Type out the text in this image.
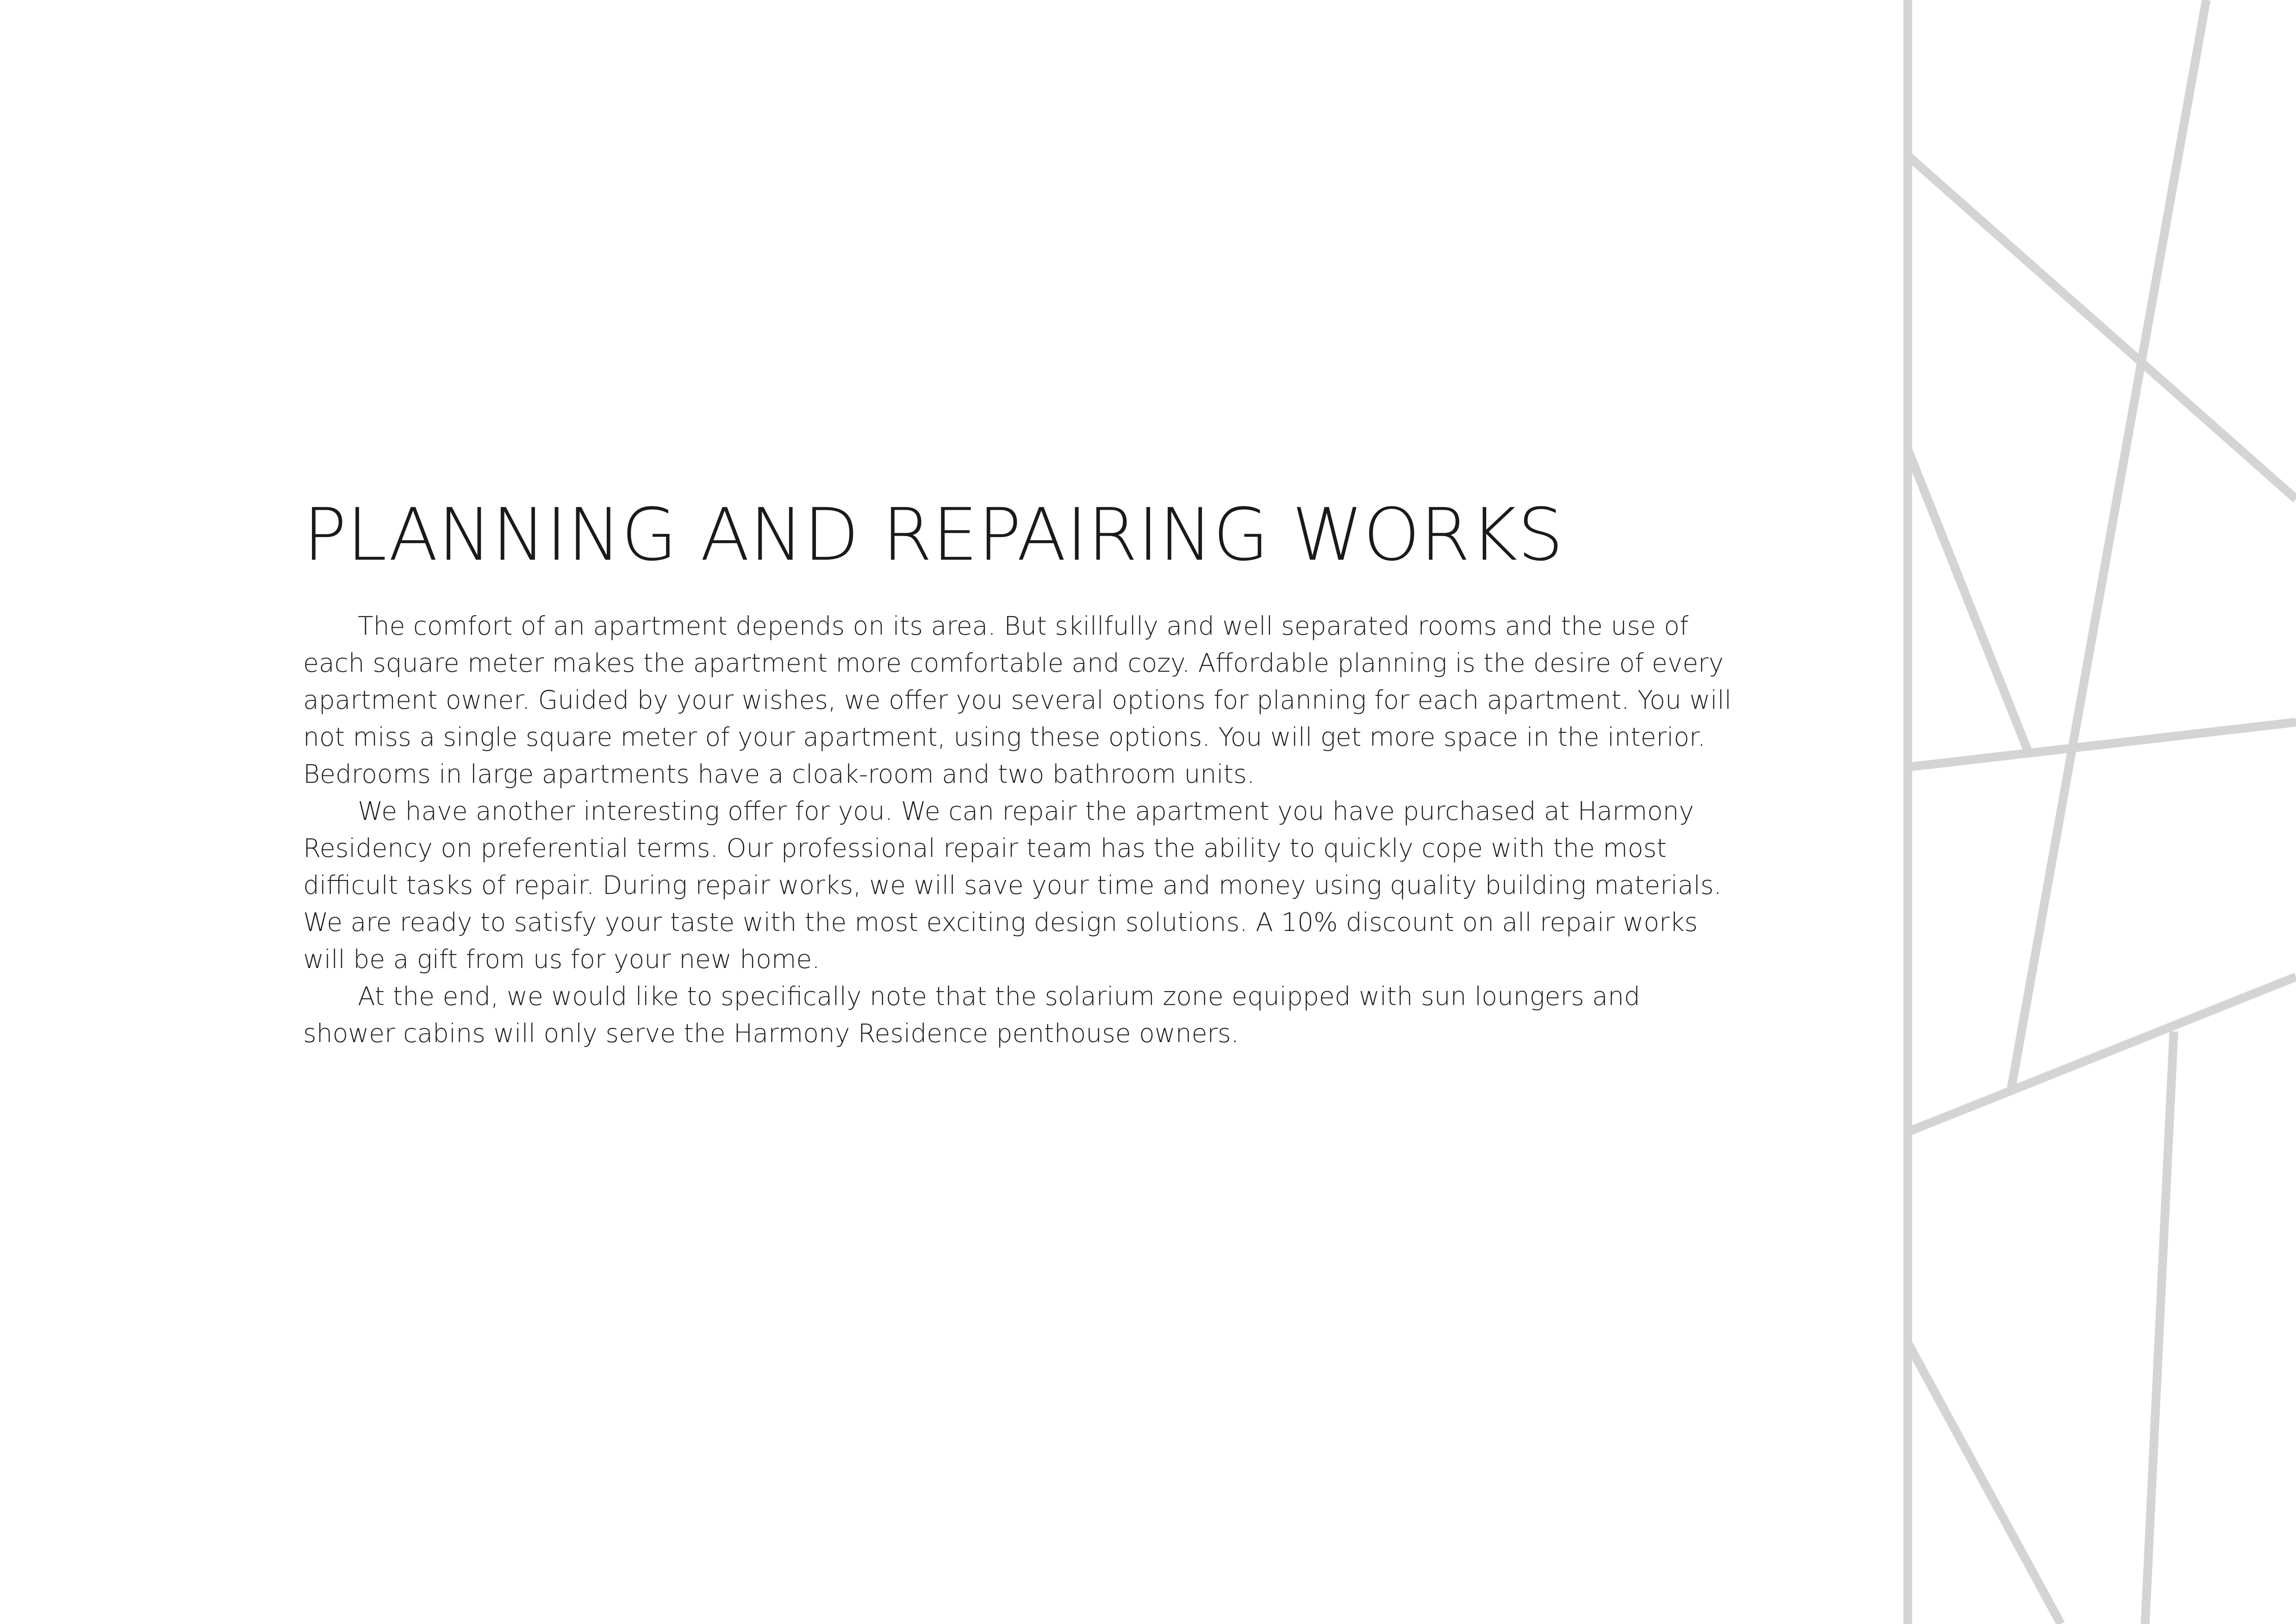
PLANNING AND REPAIRING WORKS

The comfort of an apartment depends on its area. But skillfully and well separated rooms and the use of each square meter makes the apartment more comfortable and cozy. Affordable planning is the desire of every apartment owner. Guided by your wishes, we offer you several options for planning for each apartment. You will not miss a single square meter of your apartment, using these options. You will get more space in the interior. Bedrooms in large apartments have a cloak-room and two bathroom units.

We have another interesting offer for you. We can repair the apartment you have purchased at Harmony Residency on preferential terms. Our professional repair team has the ability to quickly cope with the most difficult tasks of repair. During repair works, we will save your time and money using quality building materials. We are ready to satisfy your taste with the most exciting design solutions. A 10% discount on all repair works will be a gift from us for your new home.

At the end, we would like to specifically note that the solarium zone equipped with sun loungers and shower cabins will only serve the Harmony Residence penthouse owners.
